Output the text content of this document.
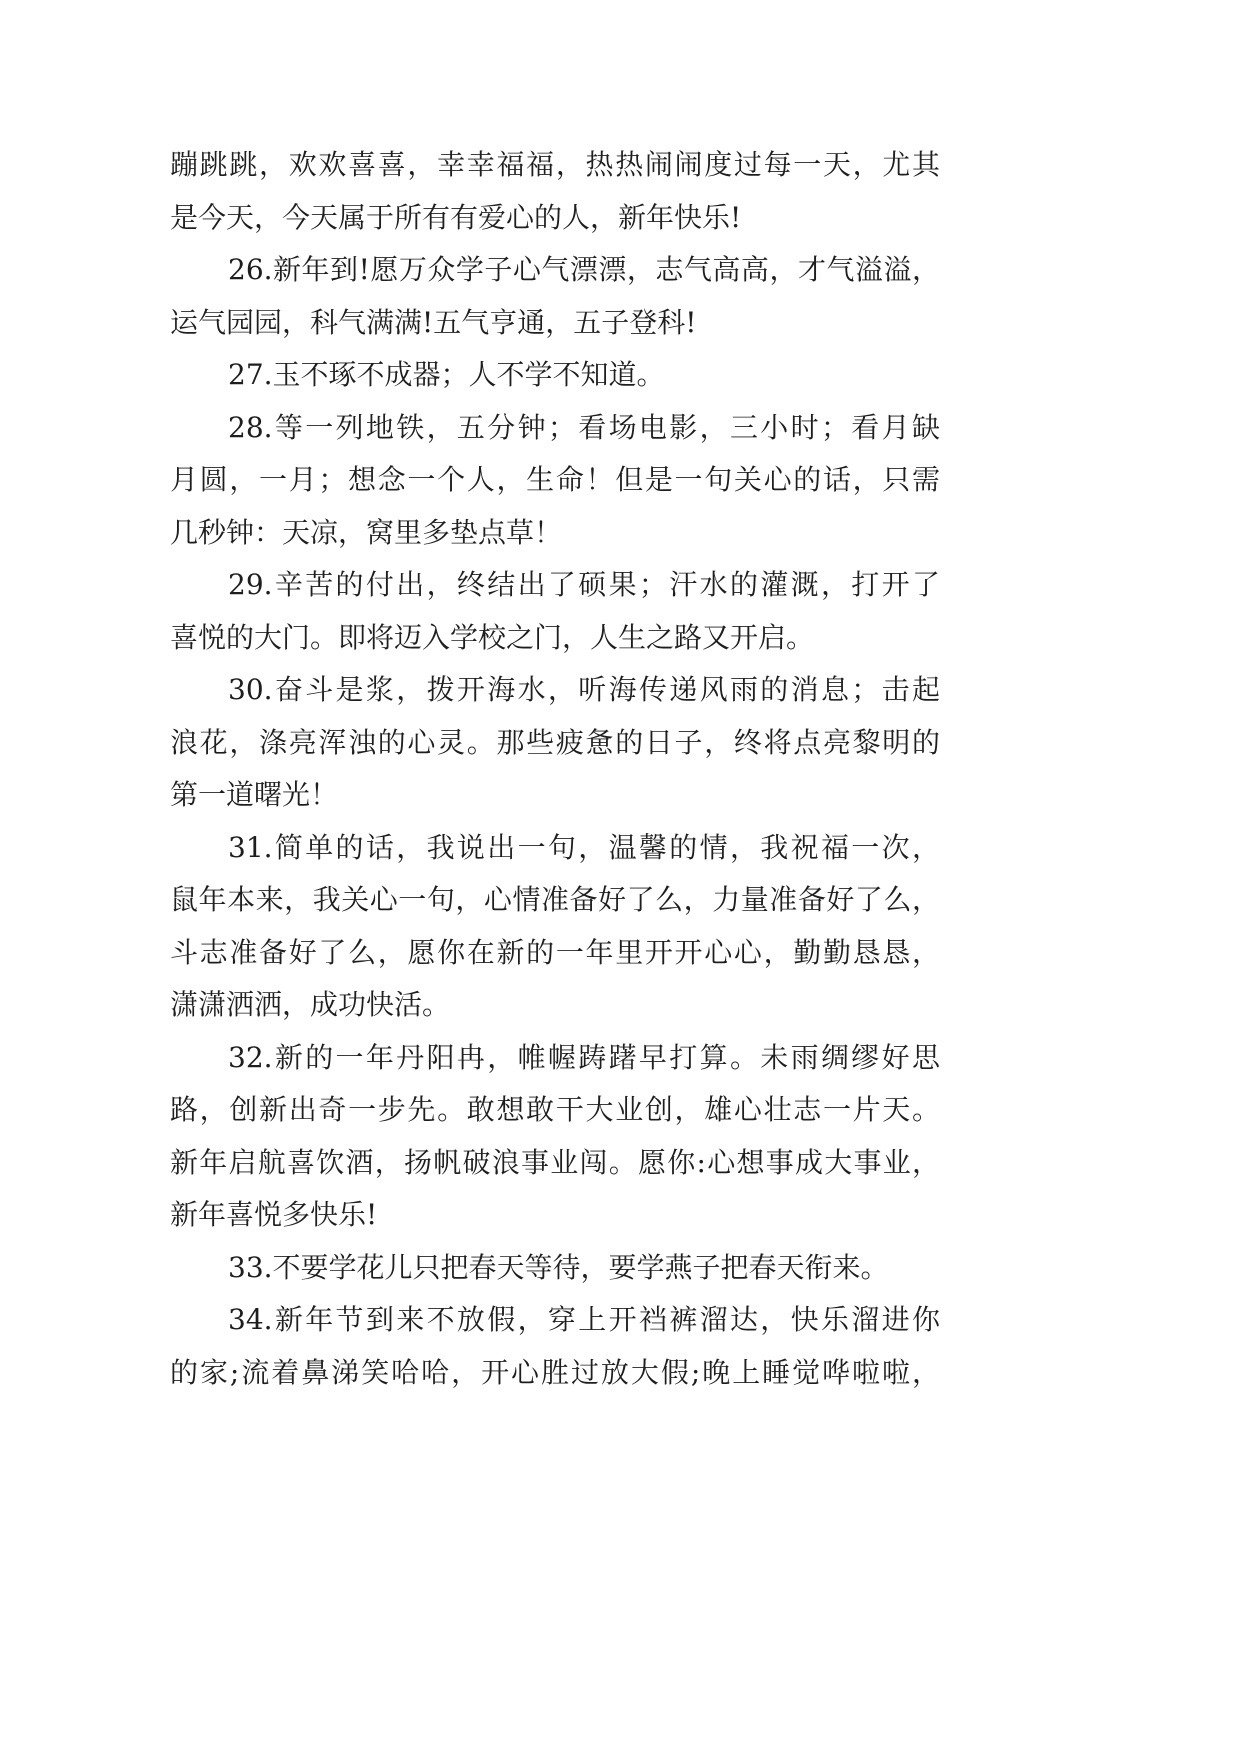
蹦跳跳，欢欢喜喜，幸幸福福，热热闹闹度过每一天，尤其
是今天，今天属于所有有爱心的人，新年快乐!
26.新年到!愿万众学子心气漂漂，志气高高，才气溢溢，
运气园园，科气满满!五气亨通，五子登科!
27.玉不琢不成器；人不学不知道。
28.等一列地铁，五分钟；看场电影，三小时；看月缺
月圆，一月；想念一个人，生命！但是一句关心的话，只需
几秒钟：天凉，窝里多垫点草！
29.辛苦的付出，终结出了硕果；汗水的灌溉，打开了
喜悦的大门。即将迈入学校之门，人生之路又开启。
30.奋斗是浆，拨开海水，听海传递风雨的消息；击起
浪花，涤亮浑浊的心灵。那些疲惫的日子，终将点亮黎明的
第一道曙光！
31.简单的话，我说出一句，温馨的情，我祝福一次，
鼠年本来，我关心一句，心情准备好了么，力量准备好了么，
斗志准备好了么，愿你在新的一年里开开心心，勤勤恳恳，
潇潇洒洒，成功快活。
32.新的一年丹阳冉，帷幄踌躇早打算。未雨绸缪好思
路，创新出奇一步先。敢想敢干大业创，雄心壮志一片天。
新年启航喜饮酒，扬帆破浪事业闯。愿你:心想事成大事业，
新年喜悦多快乐!
33.不要学花儿只把春天等待，要学燕子把春天衔来。
34.新年节到来不放假，穿上开裆裤溜达，快乐溜进你
的家;流着鼻涕笑哈哈，开心胜过放大假;晚上睡觉哗啦啦，
